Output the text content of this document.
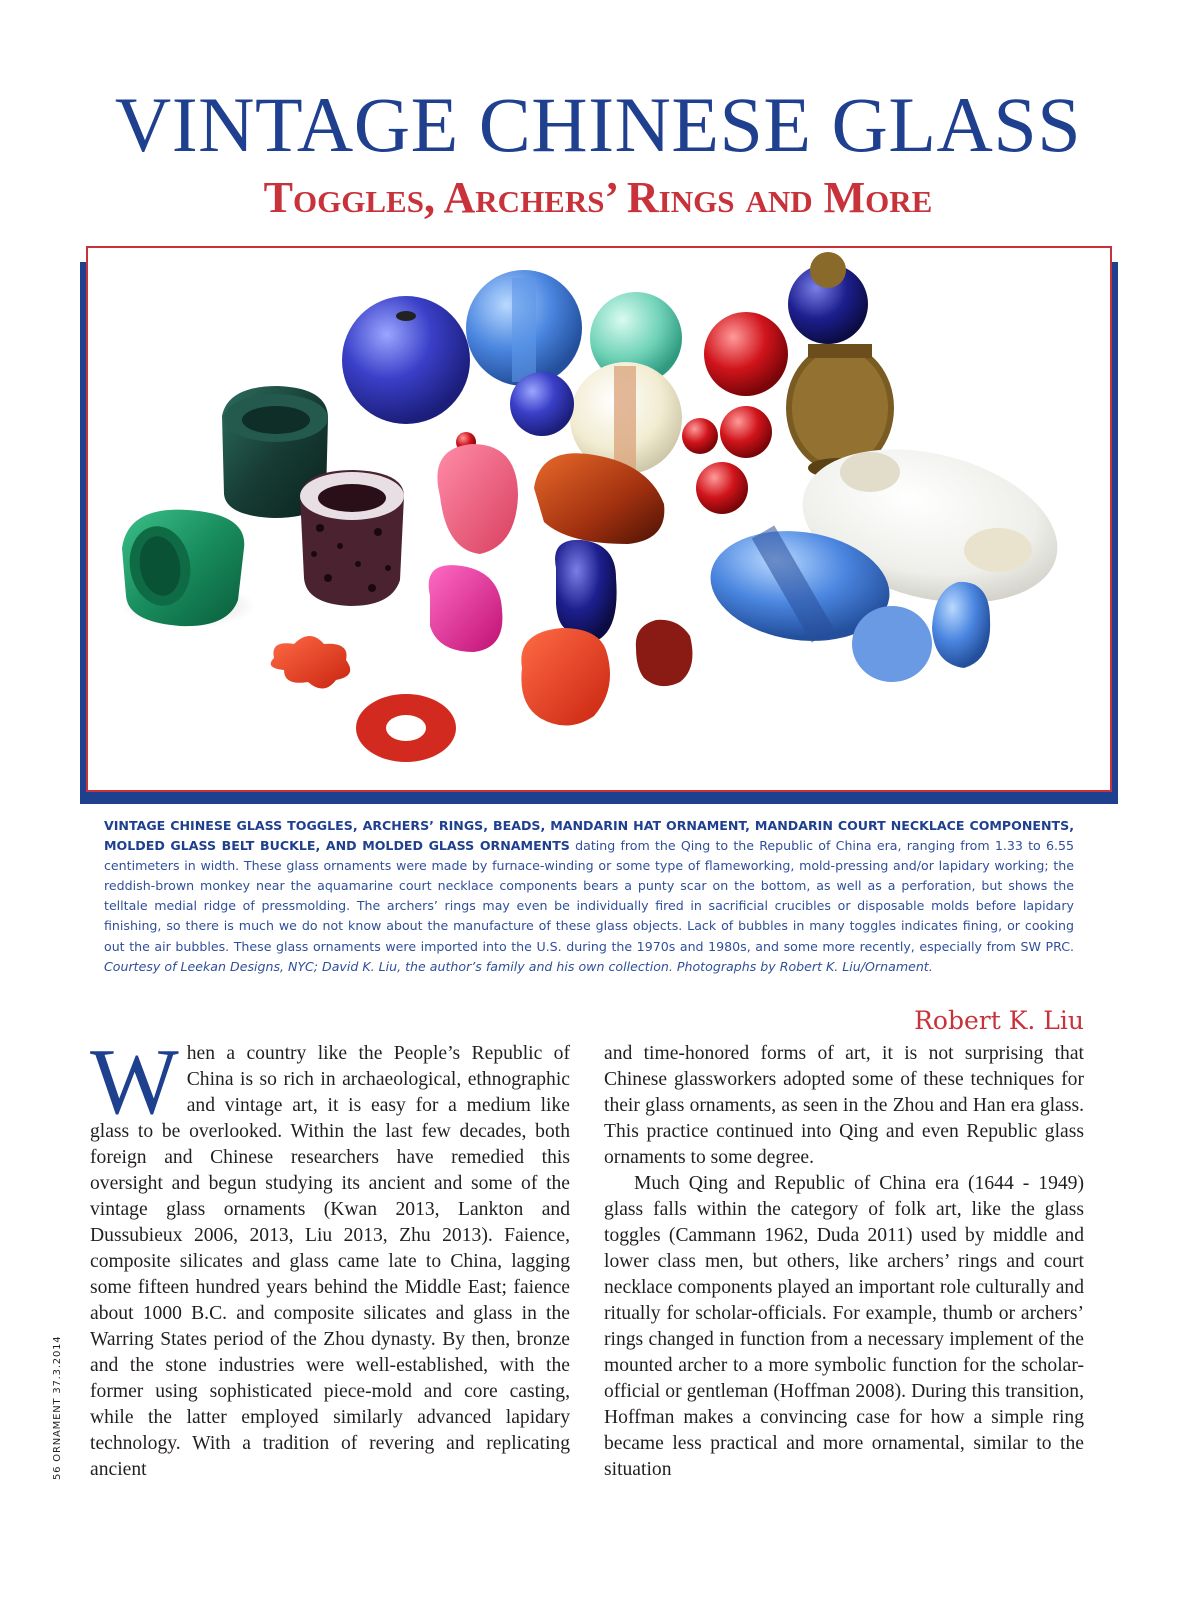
VINTAGE CHINESE GLASS
Toggles, Archers’ Rings and More
VINTAGE CHINESE GLASS TOGGLES, ARCHERS’ RINGS, BEADS, MANDARIN HAT ORNAMENT, MANDARIN COURT NECKLACE COMPONENTS, MOLDED GLASS BELT BUCKLE, AND MOLDED GLASS ORNAMENTS dating from the Qing to the Republic of China era, ranging from 1.33 to 6.55 centimeters in width. These glass ornaments were made by furnace-winding or some type of flameworking, mold-pressing and/or lapidary working; the reddish-brown monkey near the aquamarine court necklace components bears a punty scar on the bottom, as well as a perforation, but shows the telltale medial ridge of pressmolding. The archers’ rings may even be individually fired in sacrificial crucibles or disposable molds before lapidary finishing, so there is much we do not know about the manufacture of these glass objects. Lack of bubbles in many toggles indicates fining, or cooking out the air bubbles. These glass ornaments were imported into the U.S. during the 1970s and 1980s, and some more recently, especially from SW PRC. Courtesy of Leekan Designs, NYC; David K. Liu, the author’s family and his own collection. Photographs by Robert K. Liu/Ornament.
Robert K. Liu

When a country like the People’s Republic of China is so rich in archaeological, ethnographic and vintage art, it is easy for a medium like glass to be overlooked. Within the last few decades, both foreign and Chinese researchers have remedied this oversight and begun studying its ancient and some of the vintage glass ornaments (Kwan 2013, Lankton and Dussubieux 2006, 2013, Liu 2013, Zhu 2013). Faience, composite silicates and glass came late to China, lagging some fifteen hundred years behind the Middle East; faience about 1000 B.C. and composite silicates and glass in the Warring States period of the Zhou dynasty. By then, bronze and the stone industries were well-established, with the former using sophisticated piece-mold and core casting, while the latter employed similarly advanced lapidary technology. With a tradition of revering and replicating ancient

and time-honored forms of art, it is not surprising that Chinese glassworkers adopted some of these techniques for their glass ornaments, as seen in the Zhou and Han era glass. This practice continued into Qing and even Republic glass ornaments to some degree.

Much Qing and Republic of China era (1644 - 1949) glass falls within the category of folk art, like the glass toggles (Cammann 1962, Duda 2011) used by middle and lower class men, but others, like archers’ rings and court necklace components played an important role culturally and ritually for scholar-officials. For example, thumb or archers’ rings changed in function from a necessary implement of the mounted archer to a more symbolic function for the scholar-official or gentleman (Hoffman 2008). During this transition, Hoffman makes a convincing case for how a simple ring became less practical and more ornamental, similar to the situation

56 ORNAMENT 37.3.2014
